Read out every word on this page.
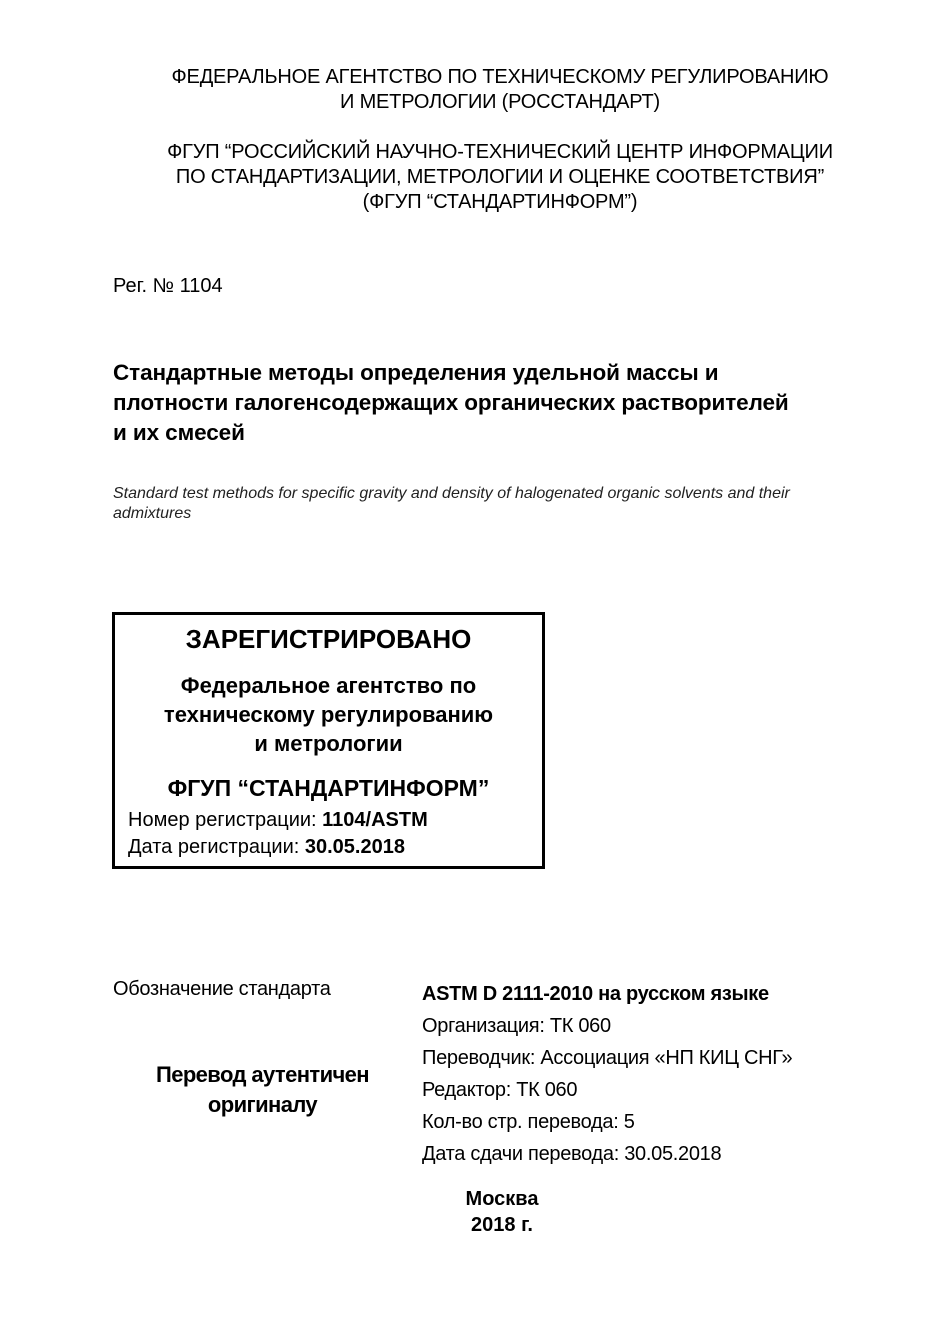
ФЕДЕРАЛЬНОЕ АГЕНТСТВО ПО ТЕХНИЧЕСКОМУ РЕГУЛИРОВАНИЮ
И МЕТРОЛОГИИ (РОССТАНДАРТ)
ФГУП “РОССИЙСКИЙ НАУЧНО-ТЕХНИЧЕСКИЙ ЦЕНТР ИНФОРМАЦИИ
ПО СТАНДАРТИЗАЦИИ, МЕТРОЛОГИИ И ОЦЕНКЕ СООТВЕТСТВИЯ”
(ФГУП “СТАНДАРТИНФОРМ”)
Рег. № 1104
Стандартные методы определения удельной массы и
плотности галогенсодержащих органических растворителей
и их смесей
Standard test methods for specific gravity and density of halogenated organic solvents and their
admixtures
ЗАРЕГИСТРИРОВАНО
Федеральное агентство по
техническому регулированию
и метрологии
ФГУП “СТАНДАРТИНФОРМ”
Номер регистрации: 1104/ASTM
Дата регистрации: 30.05.2018
Обозначение стандарта
Перевод аутентичен
оригиналу
ASTM D 2111-2010 на русском языке
Организация: ТК 060
Переводчик: Ассоциация «НП КИЦ СНГ»
Редактор: ТК 060
Кол-во стр. перевода: 5
Дата сдачи перевода: 30.05.2018
Москва
2018 г.
